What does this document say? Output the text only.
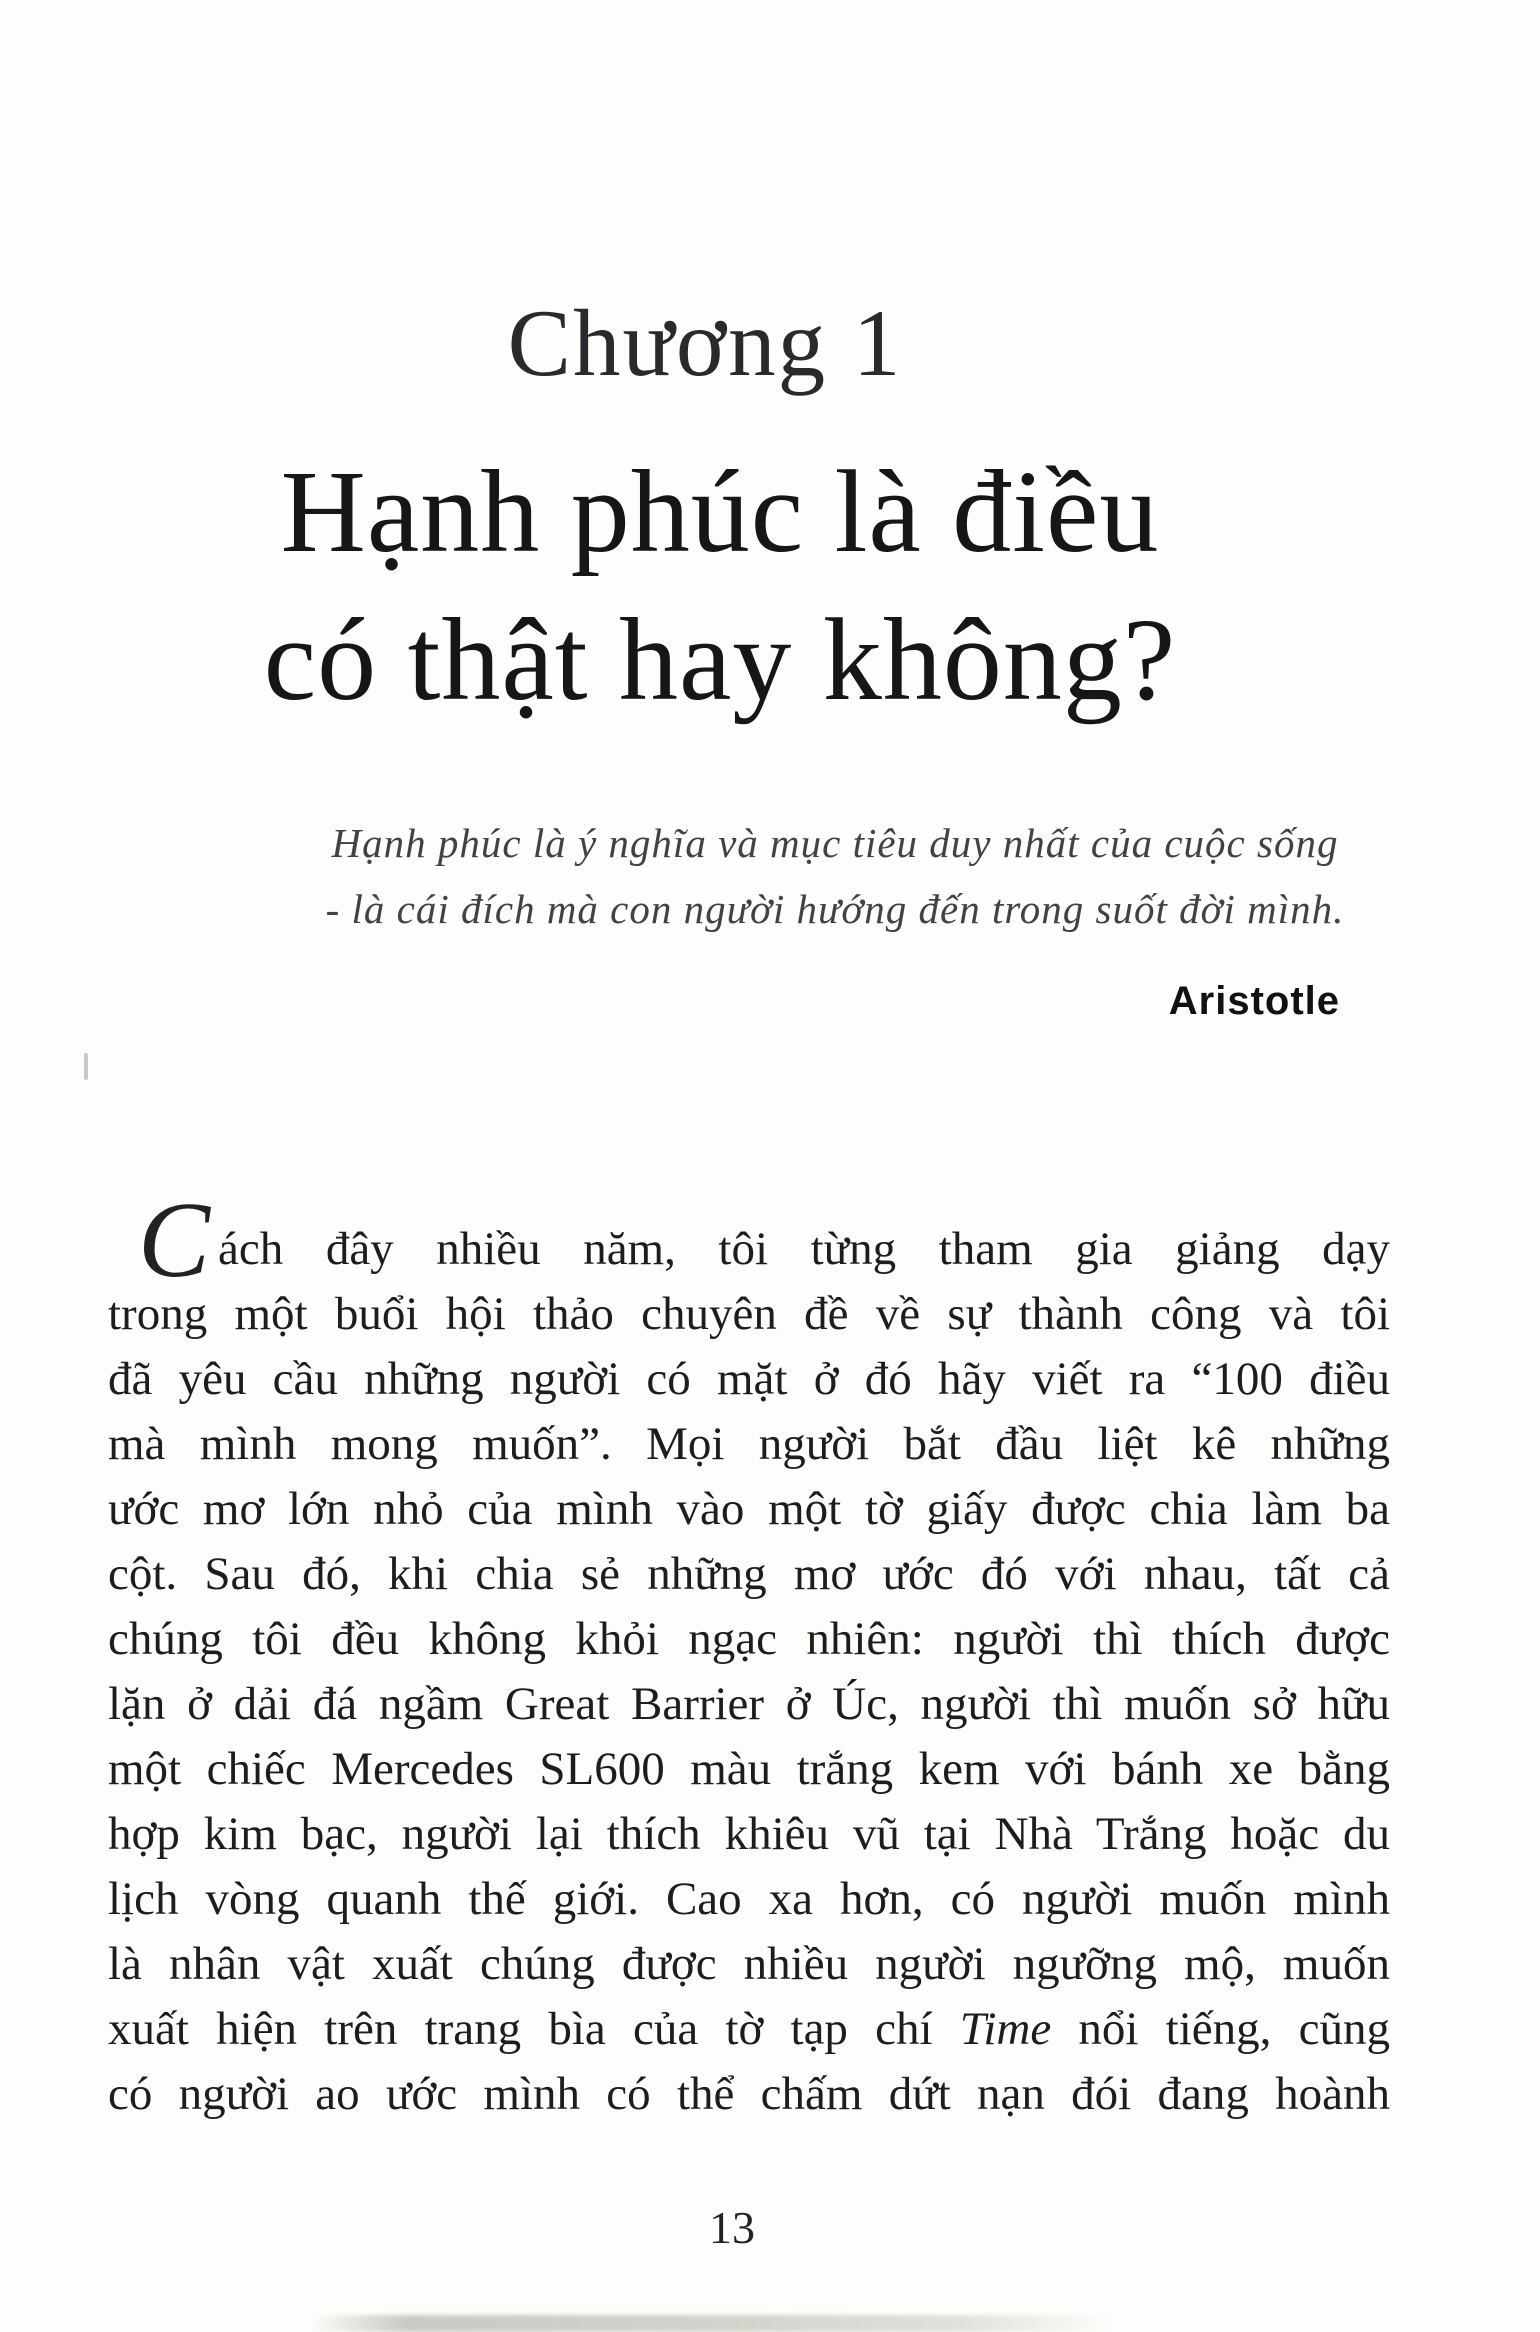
Chương 1
Hạnh phúc là điều
có thật hay không?
Hạnh phúc là ý nghĩa và mục tiêu duy nhất của cuộc sống
- là cái đích mà con người hướng đến trong suốt đời mình.
Aristotle
Cách đây nhiều năm, tôi từng tham gia giảng dạy
trong một buổi hội thảo chuyên đề về sự thành công và tôi
đã yêu cầu những người có mặt ở đó hãy viết ra “100 điều
mà mình mong muốn”. Mọi người bắt đầu liệt kê những
ước mơ lớn nhỏ của mình vào một tờ giấy được chia làm ba
cột. Sau đó, khi chia sẻ những mơ ước đó với nhau, tất cả
chúng tôi đều không khỏi ngạc nhiên: người thì thích được
lặn ở dải đá ngầm Great Barrier ở Úc, người thì muốn sở hữu
một chiếc Mercedes SL600 màu trắng kem với bánh xe bằng
hợp kim bạc, người lại thích khiêu vũ tại Nhà Trắng hoặc du
lịch vòng quanh thế giới. Cao xa hơn, có người muốn mình
là nhân vật xuất chúng được nhiều người ngưỡng mộ, muốn
xuất hiện trên trang bìa của tờ tạp chí Time nổi tiếng, cũng
có người ao ước mình có thể chấm dứt nạn đói đang hoành
13
